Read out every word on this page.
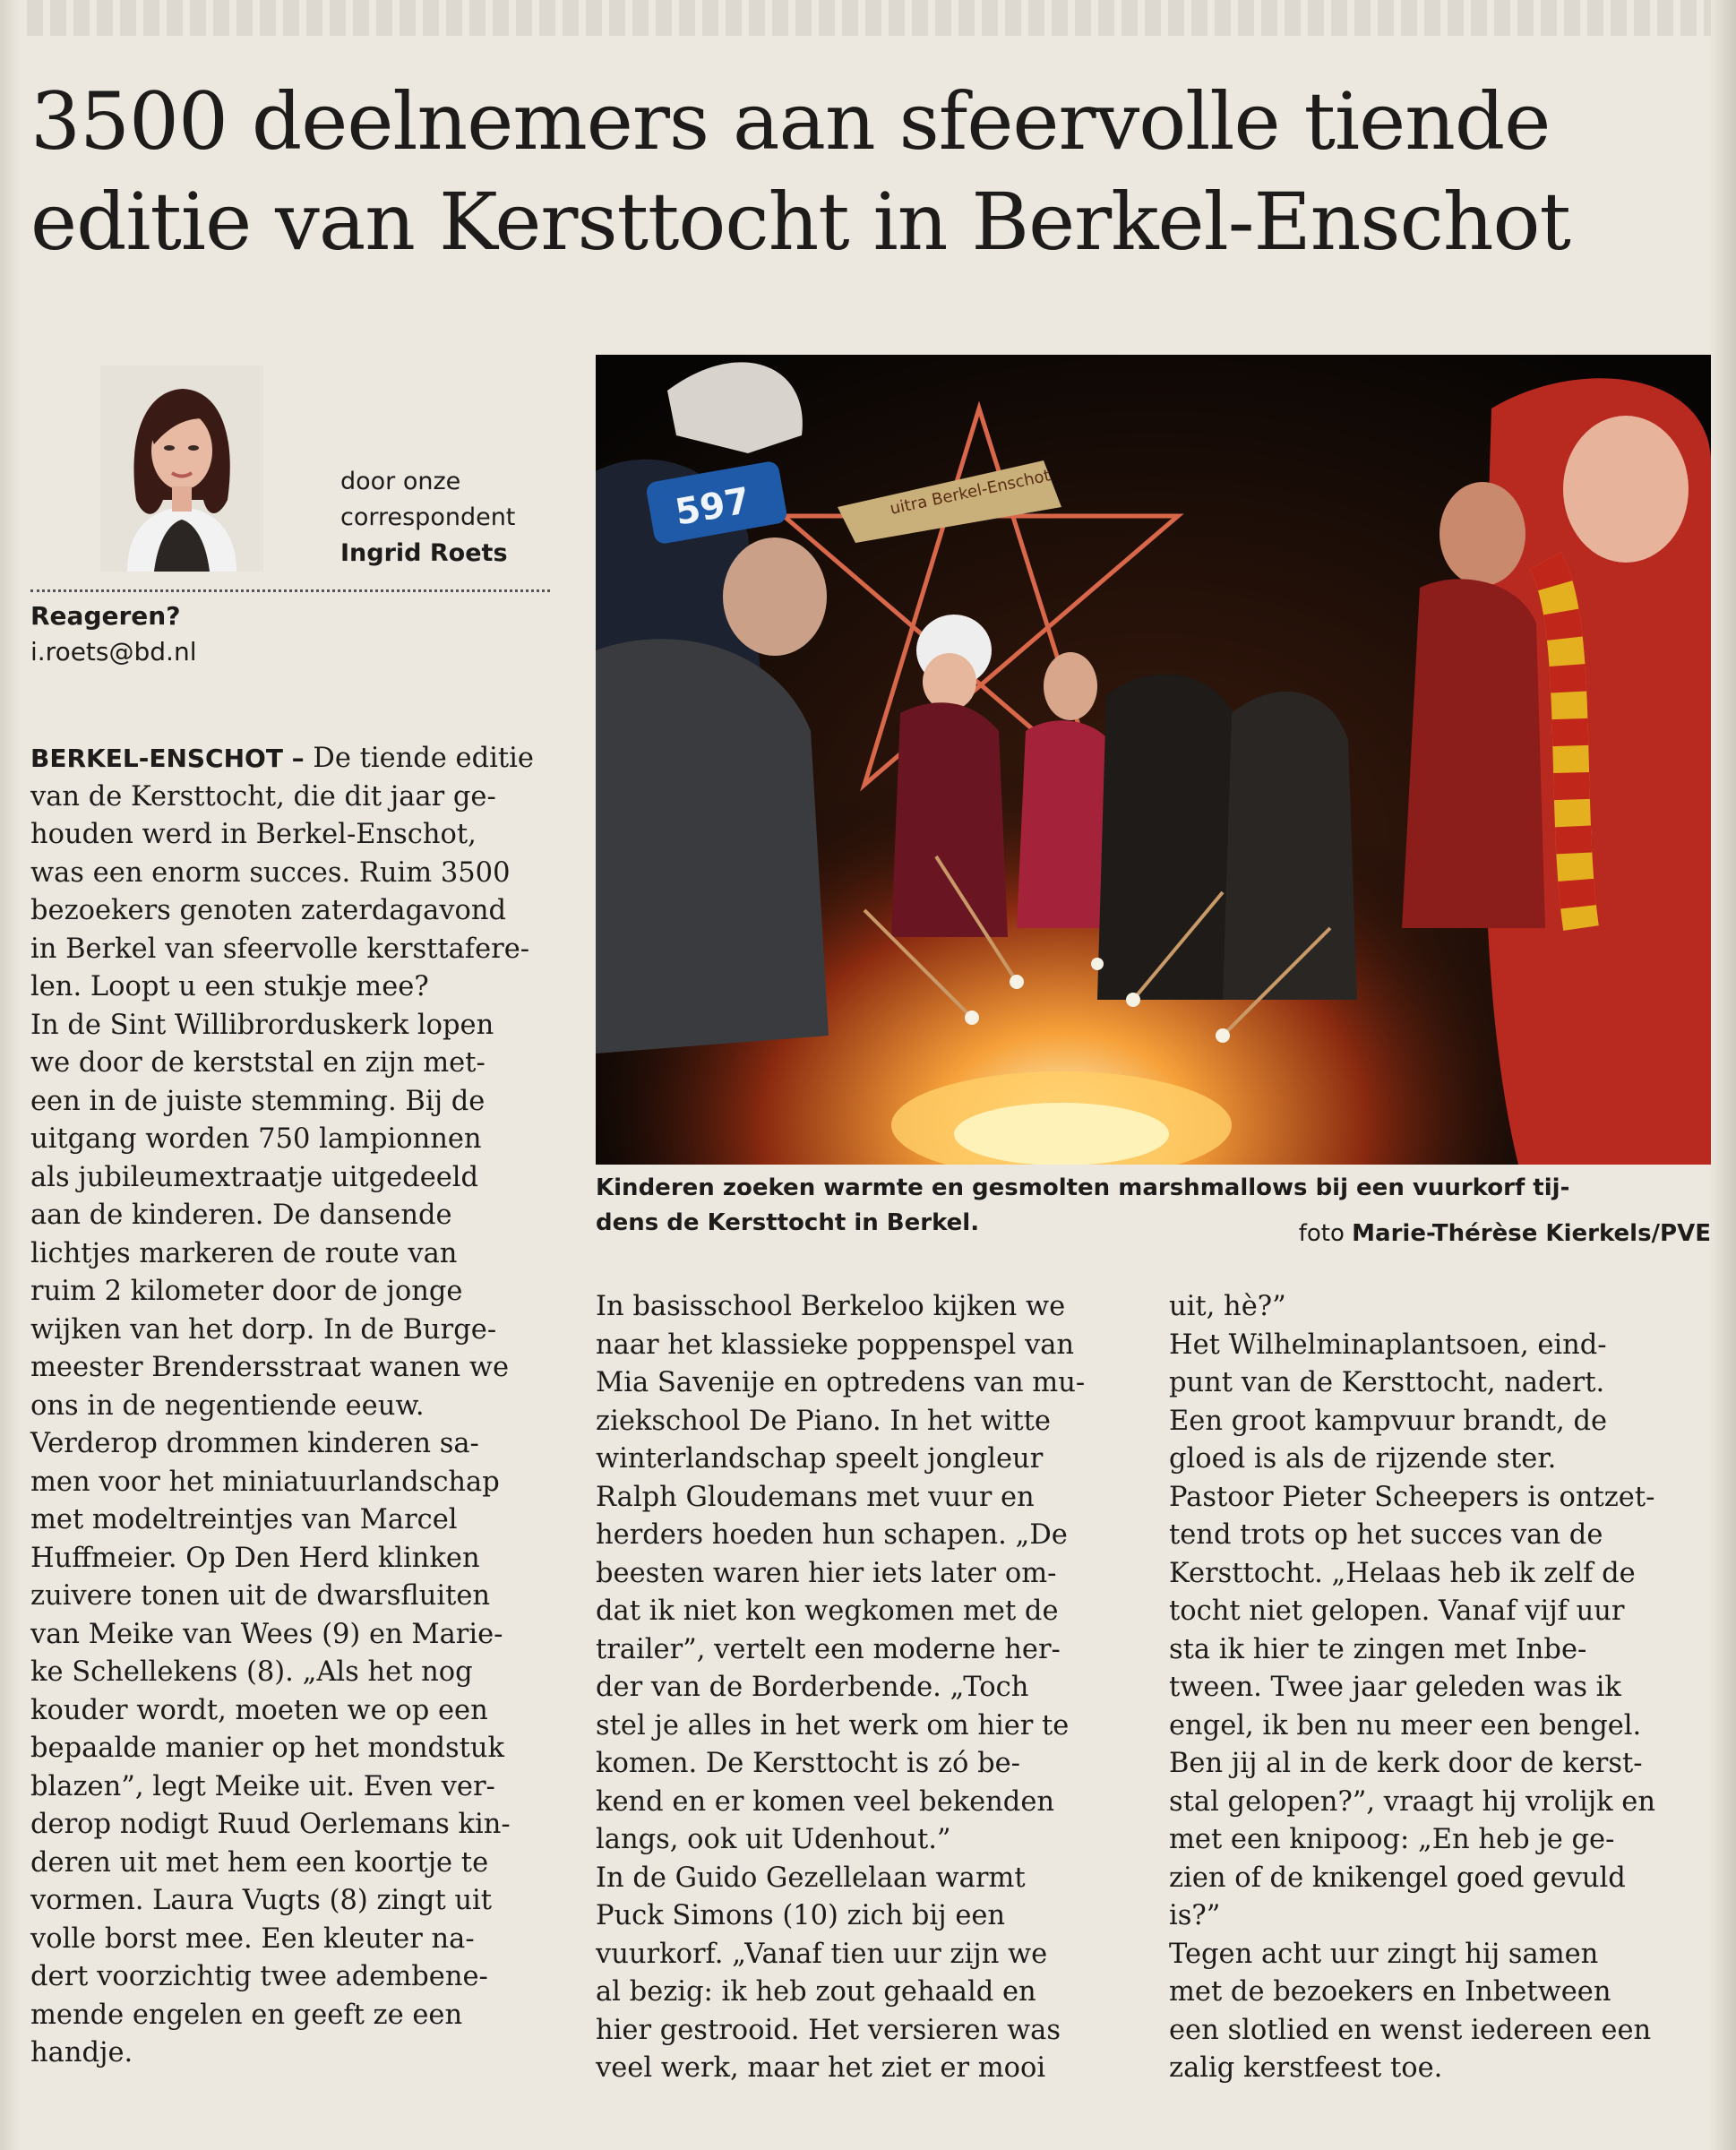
3500 deelnemers aan sfeervolle tiende
editie van Kersttocht in Berkel-Enschot
door onze
correspondent
Ingrid Roets
Reageren?
i.roets@bd.nl
uitra Berkel-Enschot
597
Kinderen zoeken warmte en gesmolten marshmallows bij een vuurkorf tij-
dens de Kersttocht in Berkel.	foto Marie-Thérèse Kierkels/PVE
BERKEL-ENSCHOT – De tiende editie
van de Kersttocht, die dit jaar ge-
houden werd in Berkel-Enschot,
was een enorm succes. Ruim 3500
bezoekers genoten zaterdagavond
in Berkel van sfeervolle kersttafere-
len. Loopt u een stukje mee?
In de Sint Willibrorduskerk lopen
we door de kerststal en zijn met-
een in de juiste stemming. Bij de
uitgang worden 750 lampionnen
als jubileumextraatje uitgedeeld
aan de kinderen. De dansende
lichtjes markeren de route van
ruim 2 kilometer door de jonge
wijken van het dorp. In de Burge-
meester Brendersstraat wanen we
ons in de negentiende eeuw.
Verderop drommen kinderen sa-
men voor het miniatuurlandschap
met modeltreintjes van Marcel
Huffmeier. Op Den Herd klinken
zuivere tonen uit de dwarsfluiten
van Meike van Wees (9) en Marie-
ke Schellekens (8). „Als het nog
kouder wordt, moeten we op een
bepaalde manier op het mondstuk
blazen”, legt Meike uit. Even ver-
derop nodigt Ruud Oerlemans kin-
deren uit met hem een koortje te
vormen. Laura Vugts (8) zingt uit
volle borst mee. Een kleuter na-
dert voorzichtig twee adembene-
mende engelen en geeft ze een
handje.
In basisschool Berkeloo kijken we
naar het klassieke poppenspel van
Mia Savenije en optredens van mu-
ziekschool De Piano. In het witte
winterlandschap speelt jongleur
Ralph Gloudemans met vuur en
herders hoeden hun schapen. „De
beesten waren hier iets later om-
dat ik niet kon wegkomen met de
trailer”, vertelt een moderne her-
der van de Borderbende. „Toch
stel je alles in het werk om hier te
komen. De Kersttocht is zó be-
kend en er komen veel bekenden
langs, ook uit Udenhout.”
In de Guido Gezellelaan warmt
Puck Simons (10) zich bij een
vuurkorf. „Vanaf tien uur zijn we
al bezig: ik heb zout gehaald en
hier gestrooid. Het versieren was
veel werk, maar het ziet er mooi
uit, hè?”
Het Wilhelminaplantsoen, eind-
punt van de Kersttocht, nadert.
Een groot kampvuur brandt, de
gloed is als de rijzende ster.
Pastoor Pieter Scheepers is ontzet-
tend trots op het succes van de
Kersttocht. „Helaas heb ik zelf de
tocht niet gelopen. Vanaf vijf uur
sta ik hier te zingen met Inbe-
tween. Twee jaar geleden was ik
engel, ik ben nu meer een bengel.
Ben jij al in de kerk door de kerst-
stal gelopen?”, vraagt hij vrolijk en
met een knipoog: „En heb je ge-
zien of de knikengel goed gevuld
is?”
Tegen acht uur zingt hij samen
met de bezoekers en Inbetween
een slotlied en wenst iedereen een
zalig kerstfeest toe.
